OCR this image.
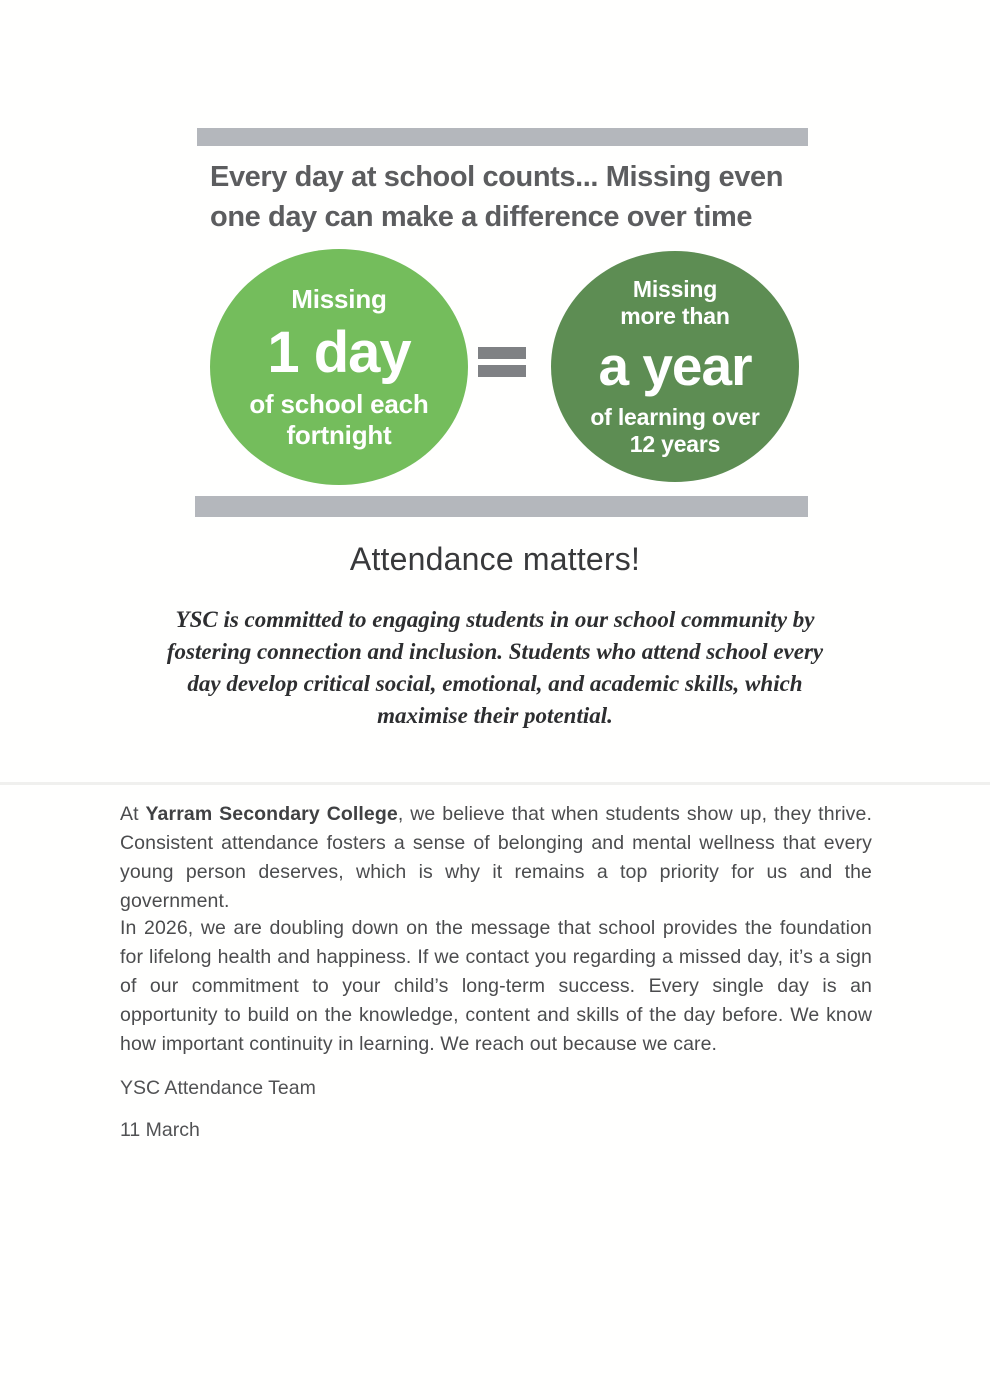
Every day at school counts... Missing even
one day can make a difference over time
Missing
1 day
of school each
fortnight
Missing
more than
a year
of learning over
12 years
Attendance matters!
YSC is committed to engaging students in our school community by
fostering connection and inclusion. Students who attend school every
day develop critical social, emotional, and academic skills, which
maximise their potential.

At Yarram Secondary College, we believe that when students show up, they thrive. Consistent attendance fosters a sense of belonging and mental wellness that every young person deserves, which is why it remains a top priority for us and the government.

In 2026, we are doubling down on the message that school provides the foundation for lifelong health and happiness. If we contact you regarding a missed day, it’s a sign of our commitment to your child’s long-term success. Every single day is an opportunity to build on the knowledge, content and skills of the day before. We know how important continuity in learning. We reach out because we care.

YSC Attendance Team
11 March
